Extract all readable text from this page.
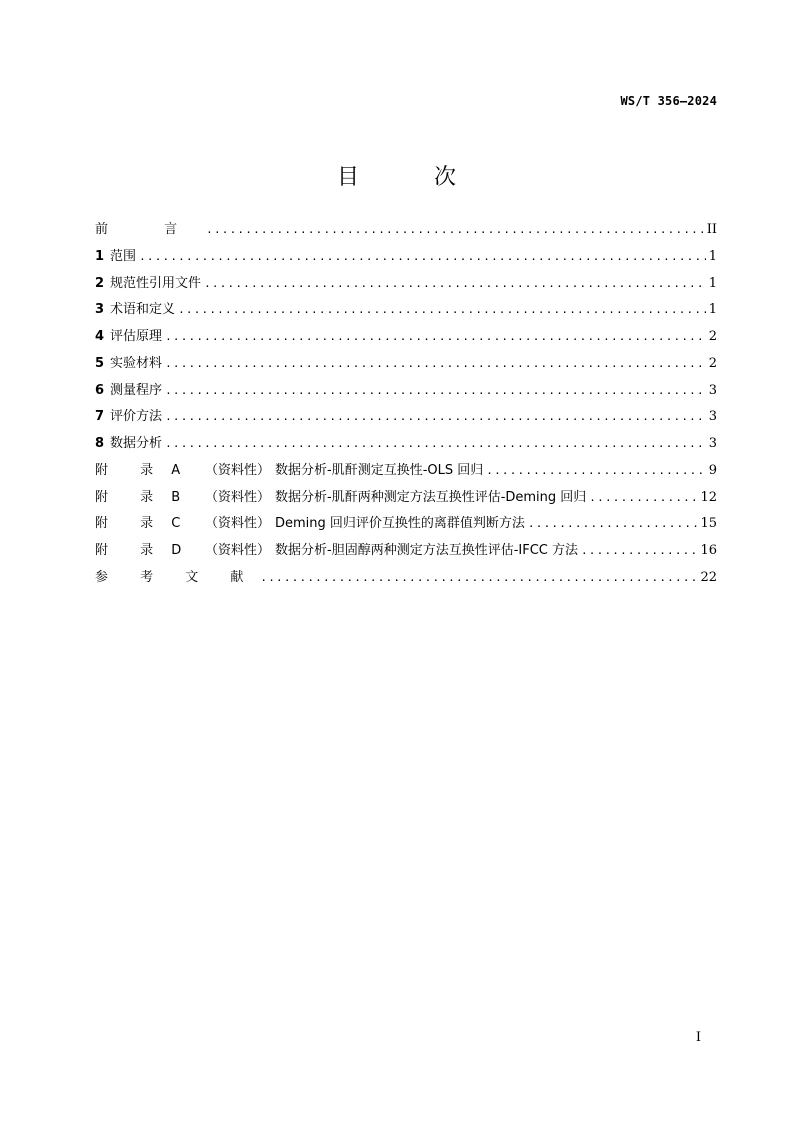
WS/T 356—2024
目 次
前 言 .....	II
1 范围 .....	1
2 规范性引用文件 .....	1
3 术语和定义 .....	1
4 评估原理 .....	2
5 实验材料 .....	2
6 测量程序 .....	3
7 评价方法 .....	3
8 数据分析 .....	3
附 录 A	（资料性） 数据分析-肌酐测定互换性-OLS 回归 .....	9
附 录 B	（资料性） 数据分析-肌酐两种测定方法互换性评估-Deming 回归 .....	12
附 录 C	（资料性） Deming 回归评价互换性的离群值判断方法 .....	15
附 录 D	（资料性） 数据分析-胆固醇两种测定方法互换性评估-IFCC 方法 .....	16
参 考 文 献 .....	22
I
